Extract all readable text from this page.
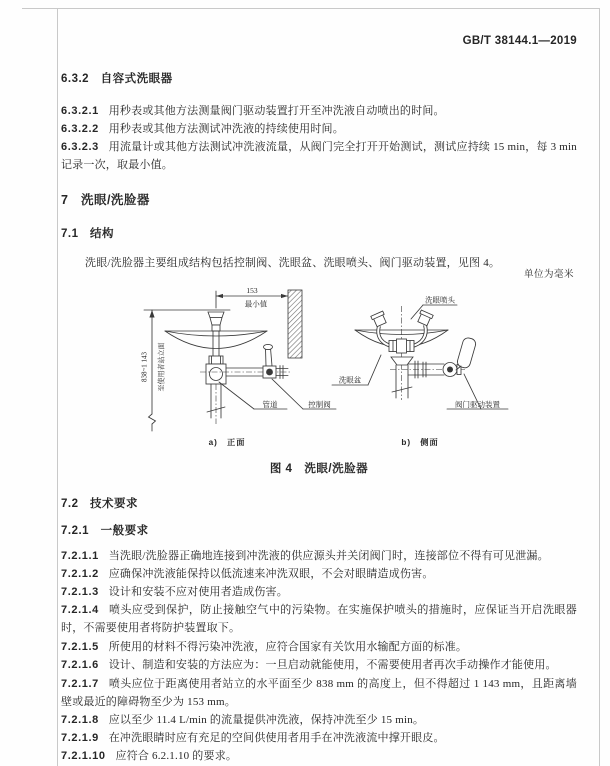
GB/T 38144.1—2019
6.3.2 自容式洗眼器

6.3.2.1 用秒表或其他方法测量阀门驱动装置打开至冲洗液自动喷出的时间。

6.3.2.2 用秒表或其他方法测试冲洗液的持续使用时间。

6.3.2.3 用流量计或其他方法测试冲洗液流量，从阀门完全打开开始测试，测试应持续 15 min，每 3 min 记录一次，取最小值。

7 洗眼/洗脸器
7.1 结构

洗眼/洗脸器主要组成结构包括控制阀、洗眼盆、洗眼喷头、阀门驱动装置，见图 4。

单位为毫米
838~1 143 至使用者站立面
153
最小值
管道	控制阀
洗眼喷头
洗眼盆
阀门驱动装置
a)　正面	b)　侧面

图 4　洗眼/洗脸器

7.2 技术要求
7.2.1 一般要求

7.2.1.1 当洗眼/洗脸器正确地连接到冲洗液的供应源头并关闭阀门时，连接部位不得有可见泄漏。

7.2.1.2 应确保冲洗液能保持以低流速来冲洗双眼，不会对眼睛造成伤害。

7.2.1.3 设计和安装不应对使用者造成伤害。

7.2.1.4 喷头应受到保护，防止接触空气中的污染物。在实施保护喷头的措施时，应保证当开启洗眼器时，不需要使用者将防护装置取下。

7.2.1.5 所使用的材料不得污染冲洗液，应符合国家有关饮用水输配方面的标准。

7.2.1.6 设计、制造和安装的方法应为：一旦启动就能使用，不需要使用者再次手动操作才能使用。

7.2.1.7 喷头应位于距离使用者站立的水平面至少 838 mm 的高度上，但不得超过 1 143 mm，且距离墙壁或最近的障碍物至少为 153 mm。

7.2.1.8 应以至少 11.4 L/min 的流量提供冲洗液，保持冲洗至少 15 min。

7.2.1.9 在冲洗眼睛时应有充足的空间供使用者用手在冲洗液流中撑开眼皮。

7.2.1.10 应符合 6.2.1.10 的要求。
